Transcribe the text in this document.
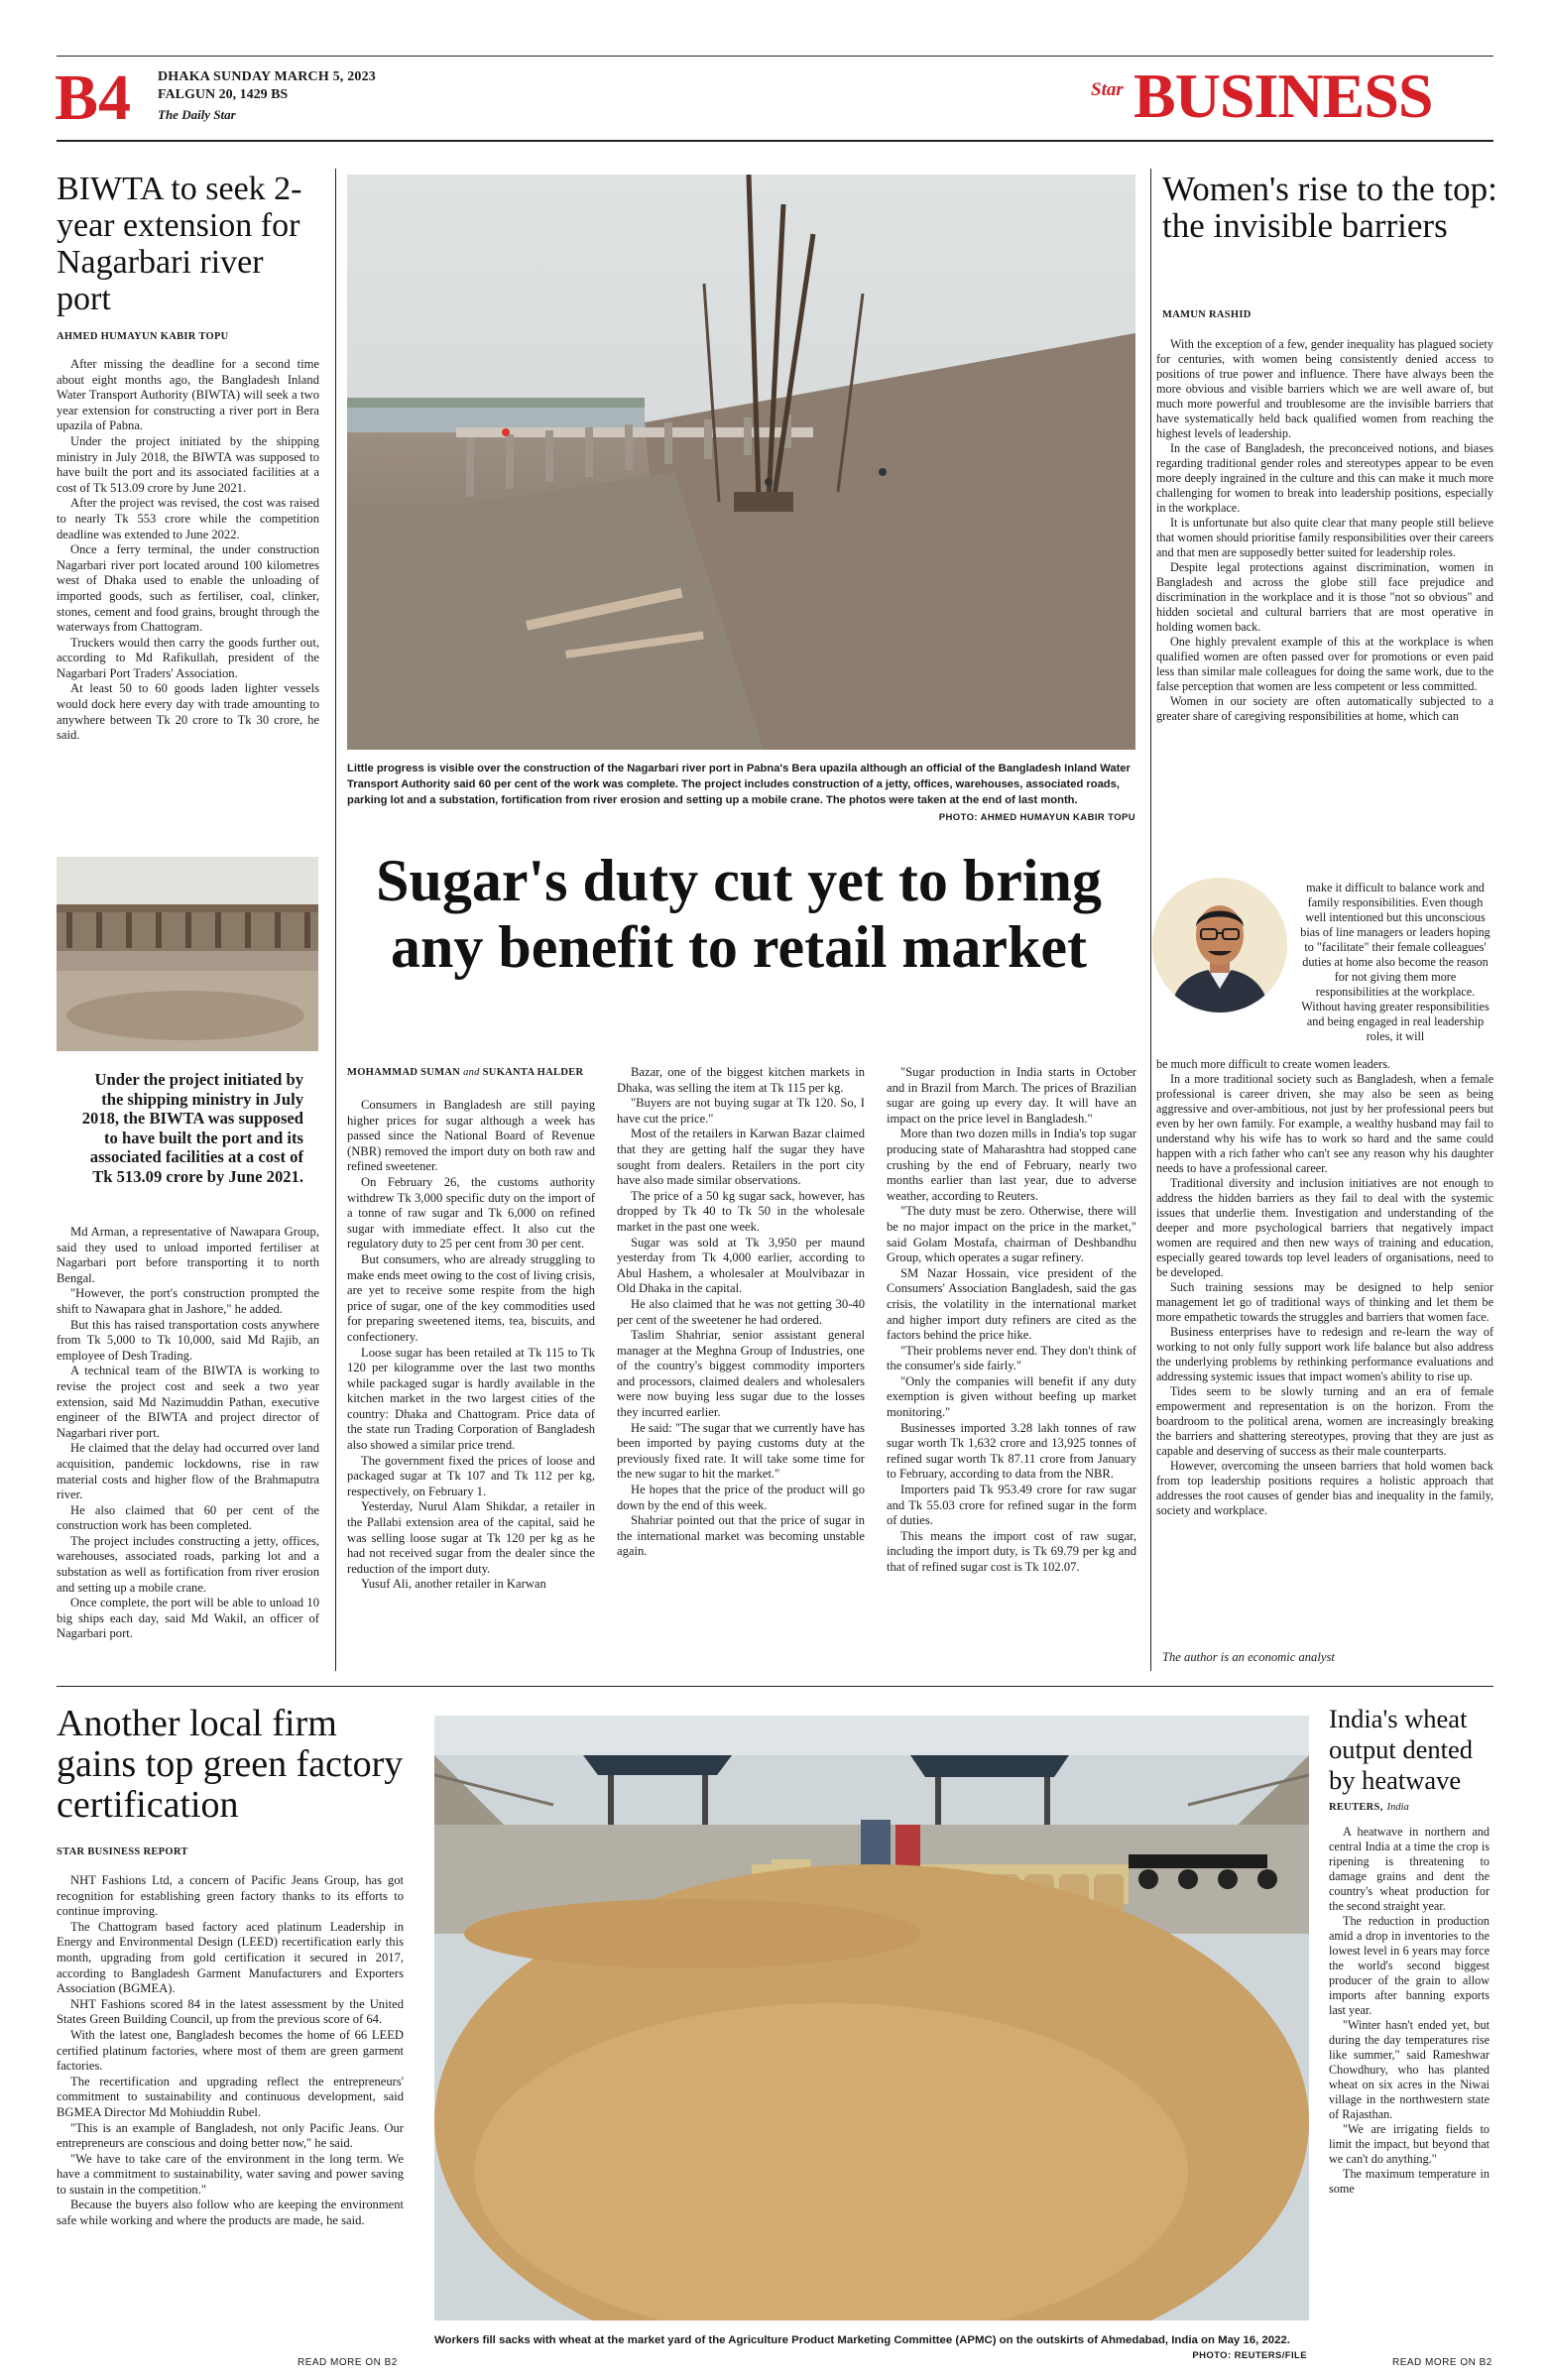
B4 DHAKA SUNDAY MARCH 5, 2023
FALGUN 20, 1429 BS
The Daily Star
Star BUSINESS
BIWTA to seek 2-year extension for Nagarbari river port
AHMED HUMAYUN KABIR TOPU

After missing the deadline for a second time about eight months ago, the Bangladesh Inland Water Transport Authority (BIWTA) will seek a two year extension for constructing a river port in Bera upazila of Pabna.

Under the project initiated by the shipping ministry in July 2018, the BIWTA was supposed to have built the port and its associated facilities at a cost of Tk 513.09 crore by June 2021.

After the project was revised, the cost was raised to nearly Tk 553 crore while the competition deadline was extended to June 2022.

Once a ferry terminal, the under construction Nagarbari river port located around 100 kilometres west of Dhaka used to enable the unloading of imported goods, such as fertiliser, coal, clinker, stones, cement and food grains, brought through the waterways from Chattogram.

Truckers would then carry the goods further out, according to Md Rafikullah, president of the Nagarbari Port Traders' Association.

At least 50 to 60 goods laden lighter vessels would dock here every day with trade amounting to anywhere between Tk 20 crore to Tk 30 crore, he said.

Under the project initiated by the shipping ministry in July 2018, the BIWTA was supposed to have built the port and its associated facilities at a cost of Tk 513.09 crore by June 2021.

Md Arman, a representative of Nawapara Group, said they used to unload imported fertiliser at Nagarbari port before transporting it to north Bengal.

"However, the port's construction prompted the shift to Nawapara ghat in Jashore," he added.

But this has raised transportation costs anywhere from Tk 5,000 to Tk 10,000, said Md Rajib, an employee of Desh Trading.

A technical team of the BIWTA is working to revise the project cost and seek a two year extension, said Md Nazimuddin Pathan, executive engineer of the BIWTA and project director of Nagarbari river port.

He claimed that the delay had occurred over land acquisition, pandemic lockdowns, rise in raw material costs and higher flow of the Brahmaputra river.

He also claimed that 60 per cent of the construction work has been completed.

The project includes constructing a jetty, offices, warehouses, associated roads, parking lot and a substation as well as fortification from river erosion and setting up a mobile crane.

Once complete, the port will be able to unload 10 big ships each day, said Md Wakil, an officer of Nagarbari port.

Little progress is visible over the construction of the Nagarbari river port in Pabna's Bera upazila although an official of the Bangladesh Inland Water Transport Authority said 60 per cent of the work was complete. The project includes construction of a jetty, offices, warehouses, associated roads, parking lot and a substation, fortification from river erosion and setting up a mobile crane. The photos were taken at the end of last month.
PHOTO: AHMED HUMAYUN KABIR TOPU
Sugar's duty cut yet to bring any benefit to retail market
MOHAMMAD SUMAN and SUKANTA HALDER

Consumers in Bangladesh are still paying higher prices for sugar although a week has passed since the National Board of Revenue (NBR) removed the import duty on both raw and refined sweetener.

On February 26, the customs authority withdrew Tk 3,000 specific duty on the import of a tonne of raw sugar and Tk 6,000 on refined sugar with immediate effect. It also cut the regulatory duty to 25 per cent from 30 per cent.

But consumers, who are already struggling to make ends meet owing to the cost of living crisis, are yet to receive some respite from the high price of sugar, one of the key commodities used for preparing sweetened items, tea, biscuits, and confectionery.

Loose sugar has been retailed at Tk 115 to Tk 120 per kilogramme over the last two months while packaged sugar is hardly available in the kitchen market in the two largest cities of the country: Dhaka and Chattogram. Price data of the state run Trading Corporation of Bangladesh also showed a similar price trend.

The government fixed the prices of loose and packaged sugar at Tk 107 and Tk 112 per kg, respectively, on February 1.

Yesterday, Nurul Alam Shikdar, a retailer in the Pallabi extension area of the capital, said he was selling loose sugar at Tk 120 per kg as he had not received sugar from the dealer since the reduction of the import duty.

Yusuf Ali, another retailer in Karwan

Bazar, one of the biggest kitchen markets in Dhaka, was selling the item at Tk 115 per kg.

"Buyers are not buying sugar at Tk 120. So, I have cut the price."

Most of the retailers in Karwan Bazar claimed that they are getting half the sugar they have sought from dealers. Retailers in the port city have also made similar observations.

The price of a 50 kg sugar sack, however, has dropped by Tk 40 to Tk 50 in the wholesale market in the past one week.

Sugar was sold at Tk 3,950 per maund yesterday from Tk 4,000 earlier, according to Abul Hashem, a wholesaler at Moulvibazar in Old Dhaka in the capital.

He also claimed that he was not getting 30-40 per cent of the sweetener he had ordered.

Taslim Shahriar, senior assistant general manager at the Meghna Group of Industries, one of the country's biggest commodity importers and processors, claimed dealers and wholesalers were now buying less sugar due to the losses they incurred earlier.

He said: "The sugar that we currently have has been imported by paying customs duty at the previously fixed rate. It will take some time for the new sugar to hit the market."

He hopes that the price of the product will go down by the end of this week.

Shahriar pointed out that the price of sugar in the international market was becoming unstable again.

"Sugar production in India starts in October and in Brazil from March. The prices of Brazilian sugar are going up every day. It will have an impact on the price level in Bangladesh."

More than two dozen mills in India's top sugar producing state of Maharashtra had stopped cane crushing by the end of February, nearly two months earlier than last year, due to adverse weather, according to Reuters.

"The duty must be zero. Otherwise, there will be no major impact on the price in the market," said Golam Mostafa, chairman of Deshbandhu Group, which operates a sugar refinery.

SM Nazar Hossain, vice president of the Consumers' Association Bangladesh, said the gas crisis, the volatility in the international market and higher import duty refiners are cited as the factors behind the price hike.

"Their problems never end. They don't think of the consumer's side fairly."

"Only the companies will benefit if any duty exemption is given without beefing up market monitoring."

Businesses imported 3.28 lakh tonnes of raw sugar worth Tk 1,632 crore and 13,925 tonnes of refined sugar worth Tk 87.11 crore from January to February, according to data from the NBR.

Importers paid Tk 953.49 crore for raw sugar and Tk 55.03 crore for refined sugar in the form of duties.

This means the import cost of raw sugar, including the import duty, is Tk 69.79 per kg and that of refined sugar cost is Tk 102.07.

Women's rise to the top: the invisible barriers
MAMUN RASHID

With the exception of a few, gender inequality has plagued society for centuries, with women being consistently denied access to positions of true power and influence. There have always been the more obvious and visible barriers which we are well aware of, but much more powerful and troublesome are the invisible barriers that have systematically held back qualified women from reaching the highest levels of leadership.

In the case of Bangladesh, the preconceived notions, and biases regarding traditional gender roles and stereotypes appear to be even more deeply ingrained in the culture and this can make it much more challenging for women to break into leadership positions, especially in the workplace.

It is unfortunate but also quite clear that many people still believe that women should prioritise family responsibilities over their careers and that men are supposedly better suited for leadership roles.

Despite legal protections against discrimination, women in Bangladesh and across the globe still face prejudice and discrimination in the workplace and it is those "not so obvious" and hidden societal and cultural barriers that are most operative in holding women back.

One highly prevalent example of this at the workplace is when qualified women are often passed over for promotions or even paid less than similar male colleagues for doing the same work, due to the false perception that women are less competent or less committed.

Women in our society are often automatically subjected to a greater share of caregiving responsibilities at home, which can

make it difficult to balance work and family responsibilities. Even though well intentioned but this unconscious bias of line managers or leaders hoping to "facilitate" their female colleagues' duties at home also become the reason for not giving them more responsibilities at the workplace. Without having greater responsibilities and being engaged in real leadership roles, it will

be much more difficult to create women leaders.

In a more traditional society such as Bangladesh, when a female professional is career driven, she may also be seen as being aggressive and over-ambitious, not just by her professional peers but even by her own family. For example, a wealthy husband may fail to understand why his wife has to work so hard and the same could happen with a rich father who can't see any reason why his daughter needs to have a professional career.

Traditional diversity and inclusion initiatives are not enough to address the hidden barriers as they fail to deal with the systemic issues that underlie them. Investigation and understanding of the deeper and more psychological barriers that negatively impact women are required and then new ways of training and education, especially geared towards top level leaders of organisations, need to be developed.

Such training sessions may be designed to help senior management let go of traditional ways of thinking and let them be more empathetic towards the struggles and barriers that women face.

Business enterprises have to redesign and re-learn the way of working to not only fully support work life balance but also address the underlying problems by rethinking performance evaluations and addressing systemic issues that impact women's ability to rise up.

Tides seem to be slowly turning and an era of female empowerment and representation is on the horizon. From the boardroom to the political arena, women are increasingly breaking the barriers and shattering stereotypes, proving that they are just as capable and deserving of success as their male counterparts.

However, overcoming the unseen barriers that hold women back from top leadership positions requires a holistic approach that addresses the root causes of gender bias and inequality in the family, society and workplace.

The author is an economic analyst
Another local firm gains top green factory certification
STAR BUSINESS REPORT

NHT Fashions Ltd, a concern of Pacific Jeans Group, has got recognition for establishing green factory thanks to its efforts to continue improving.

The Chattogram based factory aced platinum Leadership in Energy and Environmental Design (LEED) recertification early this month, upgrading from gold certification it secured in 2017, according to Bangladesh Garment Manufacturers and Exporters Association (BGMEA).

NHT Fashions scored 84 in the latest assessment by the United States Green Building Council, up from the previous score of 64.

With the latest one, Bangladesh becomes the home of 66 LEED certified platinum factories, where most of them are green garment factories.

The recertification and upgrading reflect the entrepreneurs' commitment to sustainability and continuous development, said BGMEA Director Md Mohiuddin Rubel.

"This is an example of Bangladesh, not only Pacific Jeans. Our entrepreneurs are conscious and doing better now," he said.

"We have to take care of the environment in the long term. We have a commitment to sustainability, water saving and power saving to sustain in the competition."

Because the buyers also follow who are keeping the environment safe while working and where the products are made, he said.

READ MORE ON B2
Workers fill sacks with wheat at the market yard of the Agriculture Product Marketing Committee (APMC) on the outskirts of Ahmedabad, India on May 16, 2022.
PHOTO: REUTERS/FILE
India's wheat output dented by heatwave
REUTERS, India

A heatwave in northern and central India at a time the crop is ripening is threatening to damage grains and dent the country's wheat production for the second straight year.

The reduction in production amid a drop in inventories to the lowest level in 6 years may force the world's second biggest producer of the grain to allow imports after banning exports last year.

"Winter hasn't ended yet, but during the day temperatures rise like summer," said Rameshwar Chowdhury, who has planted wheat on six acres in the Niwai village in the northwestern state of Rajasthan.

"We are irrigating fields to limit the impact, but beyond that we can't do anything."

The maximum temperature in some

READ MORE ON B2
